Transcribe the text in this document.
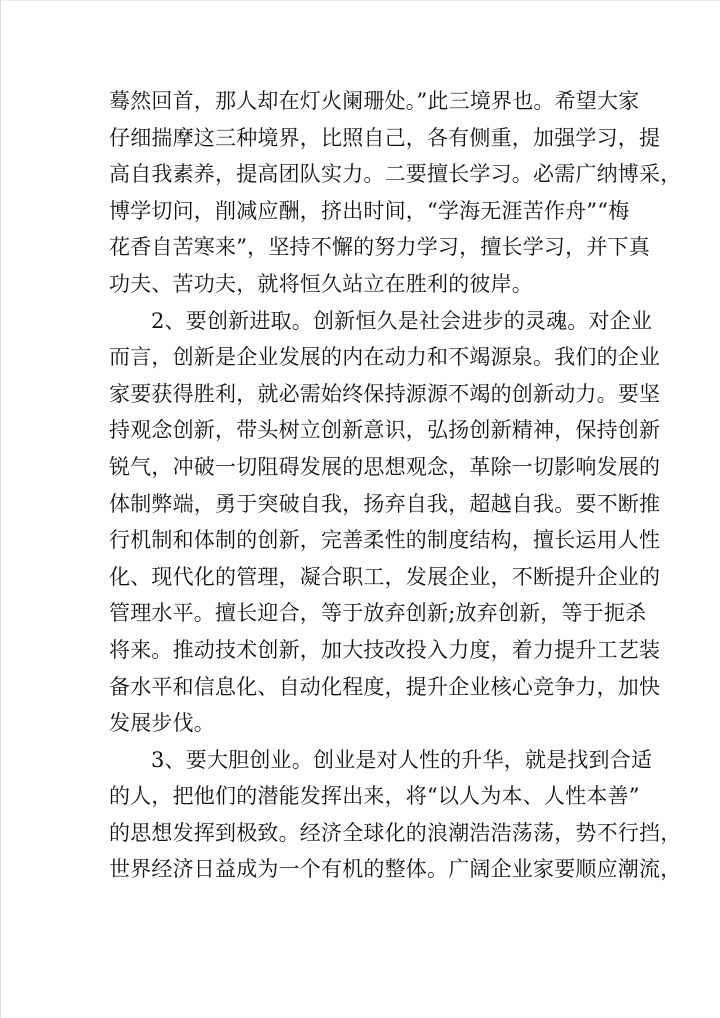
蓦然回首，那人却在灯火阑珊处。”此三境界也。希望大家
仔细揣摩这三种境界，比照自己，各有侧重，加强学习，提
高自我素养，提高团队实力。二要擅长学习。必需广纳博采，
博学切问，削减应酬，挤出时间，“学海无涯苦作舟”“梅
花香自苦寒来”，坚持不懈的努力学习，擅长学习，并下真
功夫、苦功夫，就将恒久站立在胜利的彼岸。
2、要创新进取。创新恒久是社会进步的灵魂。对企业
而言，创新是企业发展的内在动力和不竭源泉。我们的企业
家要获得胜利，就必需始终保持源源不竭的创新动力。要坚
持观念创新，带头树立创新意识，弘扬创新精神，保持创新
锐气，冲破一切阻碍发展的思想观念，革除一切影响发展的
体制弊端，勇于突破自我，扬弃自我，超越自我。要不断推
行机制和体制的创新，完善柔性的制度结构，擅长运用人性
化、现代化的管理，凝合职工，发展企业，不断提升企业的
管理水平。擅长迎合，等于放弃创新;放弃创新，等于扼杀
将来。推动技术创新，加大技改投入力度，着力提升工艺装
备水平和信息化、自动化程度，提升企业核心竞争力，加快
发展步伐。
3、要大胆创业。创业是对人性的升华，就是找到合适
的人，把他们的潜能发挥出来，将“以人为本、人性本善”
的思想发挥到极致。经济全球化的浪潮浩浩荡荡，势不行挡，
世界经济日益成为一个有机的整体。广阔企业家要顺应潮流，
